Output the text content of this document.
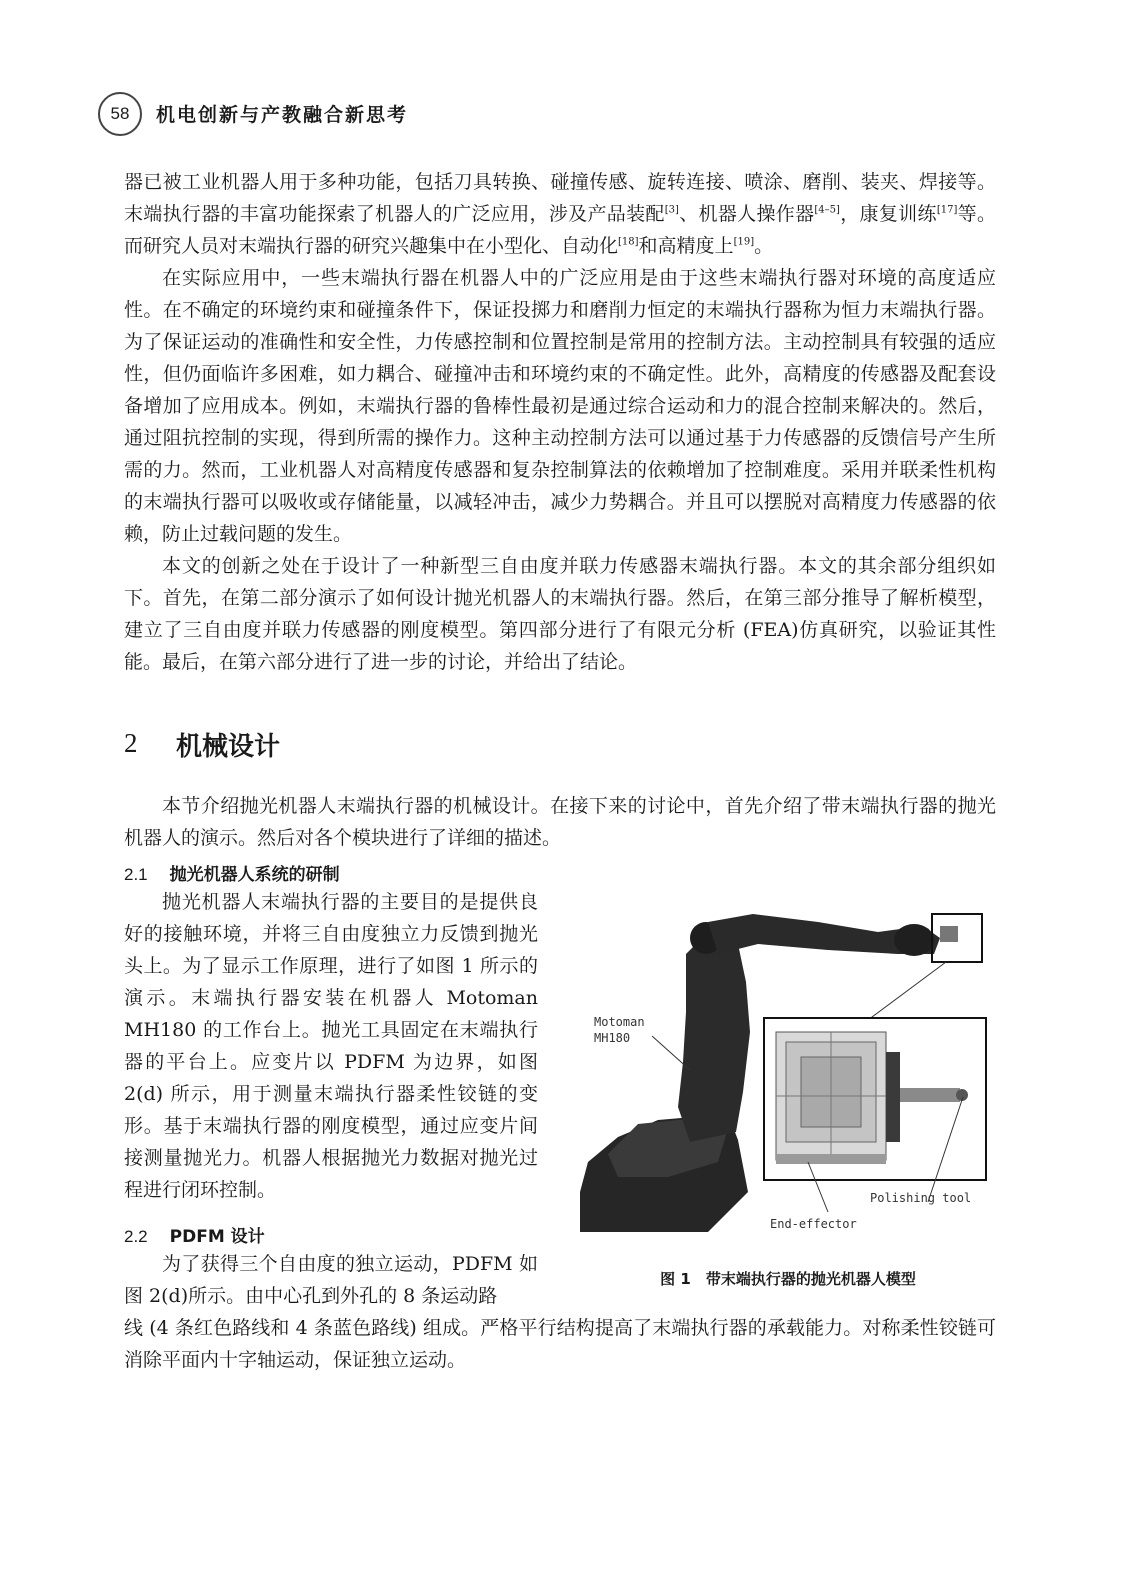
58 机电创新与产教融合新思考

器已被工业机器人用于多种功能，包括刀具转换、碰撞传感、旋转连接、喷涂、磨削、装夹、焊接等。末端执行器的丰富功能探索了机器人的广泛应用，涉及产品装配[3]、机器人操作器[4–5]，康复训练[17]等。而研究人员对末端执行器的研究兴趣集中在小型化、自动化[18]和高精度上[19]。

在实际应用中，一些末端执行器在机器人中的广泛应用是由于这些末端执行器对环境的高度适应性。在不确定的环境约束和碰撞条件下，保证投掷力和磨削力恒定的末端执行器称为恒力末端执行器。为了保证运动的准确性和安全性，力传感控制和位置控制是常用的控制方法。主动控制具有较强的适应性，但仍面临许多困难，如力耦合、碰撞冲击和环境约束的不确定性。此外，高精度的传感器及配套设备增加了应用成本。例如，末端执行器的鲁棒性最初是通过综合运动和力的混合控制来解决的。然后，通过阻抗控制的实现，得到所需的操作力。这种主动控制方法可以通过基于力传感器的反馈信号产生所需的力。然而，工业机器人对高精度传感器和复杂控制算法的依赖增加了控制难度。采用并联柔性机构的末端执行器可以吸收或存储能量，以减轻冲击，减少力势耦合。并且可以摆脱对高精度力传感器的依赖，防止过载问题的发生。

本文的创新之处在于设计了一种新型三自由度并联力传感器末端执行器。本文的其余部分组织如下。首先，在第二部分演示了如何设计抛光机器人的末端执行器。然后，在第三部分推导了解析模型，建立了三自由度并联力传感器的刚度模型。第四部分进行了有限元分析 (FEA)仿真研究，以验证其性能。最后，在第六部分进行了进一步的讨论，并给出了结论。

2 机械设计

本节介绍抛光机器人末端执行器的机械设计。在接下来的讨论中，首先介绍了带末端执行器的抛光机器人的演示。然后对各个模块进行了详细的描述。

2.1 抛光机器人系统的研制

抛光机器人末端执行器的主要目的是提供良好的接触环境，并将三自由度独立力反馈到抛光头上。为了显示工作原理，进行了如图 1 所示的演示。末端执行器安装在机器人 Motoman MH180 的工作台上。抛光工具固定在末端执行器的平台上。应变片以 PDFM 为边界，如图 2(d) 所示，用于测量末端执行器柔性铰链的变形。基于末端执行器的刚度模型，通过应变片间接测量抛光力。机器人根据抛光力数据对抛光过程进行闭环控制。

2.2 PDFM 设计

为了获得三个自由度的独立运动，PDFM 如图 2(d)所示。由中心孔到外孔的 8 条运动路

线 (4 条红色路线和 4 条蓝色路线) 组成。严格平行结构提高了末端执行器的承载能力。对称柔性铰链可消除平面内十字轴运动，保证独立运动。

Motoman
MH180
Polishing tool
End-effector
图 1　带末端执行器的抛光机器人模型
